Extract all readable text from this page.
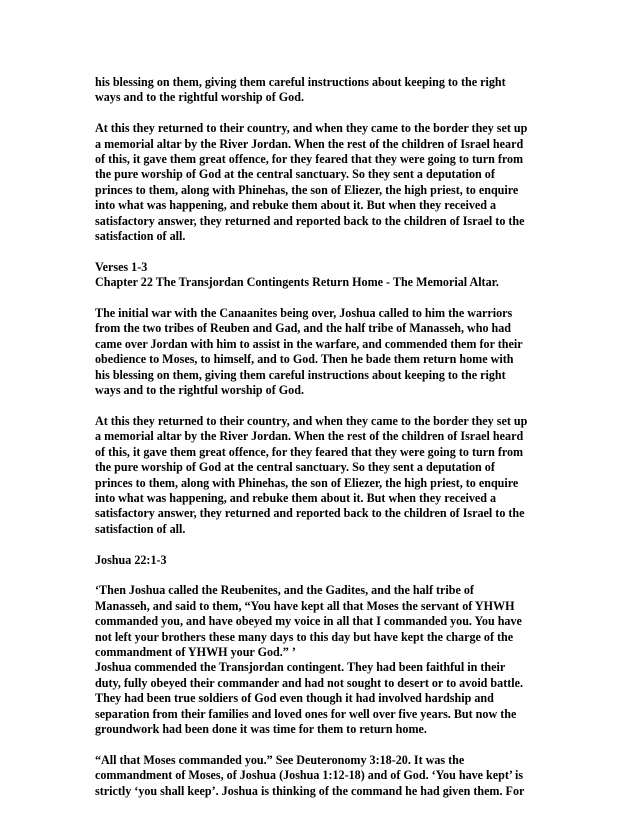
his blessing on them, giving them careful instructions about keeping to the right
ways and to the rightful worship of God.
At this they returned to their country, and when they came to the border they set up
a memorial altar by the River Jordan. When the rest of the children of Israel heard
of this, it gave them great offence, for they feared that they were going to turn from
the pure worship of God at the central sanctuary. So they sent a deputation of
princes to them, along with Phinehas, the son of Eliezer, the high priest, to enquire
into what was happening, and rebuke them about it. But when they received a
satisfactory answer, they returned and reported back to the children of Israel to the
satisfaction of all.
Verses 1-3
Chapter 22 The Transjordan Contingents Return Home - The Memorial Altar.
The initial war with the Canaanites being over, Joshua called to him the warriors
from the two tribes of Reuben and Gad, and the half tribe of Manasseh, who had
came over Jordan with him to assist in the warfare, and commended them for their
obedience to Moses, to himself, and to God. Then he bade them return home with
his blessing on them, giving them careful instructions about keeping to the right
ways and to the rightful worship of God.
At this they returned to their country, and when they came to the border they set up
a memorial altar by the River Jordan. When the rest of the children of Israel heard
of this, it gave them great offence, for they feared that they were going to turn from
the pure worship of God at the central sanctuary. So they sent a deputation of
princes to them, along with Phinehas, the son of Eliezer, the high priest, to enquire
into what was happening, and rebuke them about it. But when they received a
satisfactory answer, they returned and reported back to the children of Israel to the
satisfaction of all.
Joshua 22:1-3
‘Then Joshua called the Reubenites, and the Gadites, and the half tribe of
Manasseh, and said to them, “You have kept all that Moses the servant of YHWH
commanded you, and have obeyed my voice in all that I commanded you. You have
not left your brothers these many days to this day but have kept the charge of the
commandment of YHWH your God.” ’
Joshua commended the Transjordan contingent. They had been faithful in their
duty, fully obeyed their commander and had not sought to desert or to avoid battle.
They had been true soldiers of God even though it had involved hardship and
separation from their families and loved ones for well over five years. But now the
groundwork had been done it was time for them to return home.
“All that Moses commanded you.” See Deuteronomy 3:18-20. It was the
commandment of Moses, of Joshua (Joshua 1:12-18) and of God. ‘You have kept’ is
strictly ‘you shall keep’. Joshua is thinking of the command he had given them. For
